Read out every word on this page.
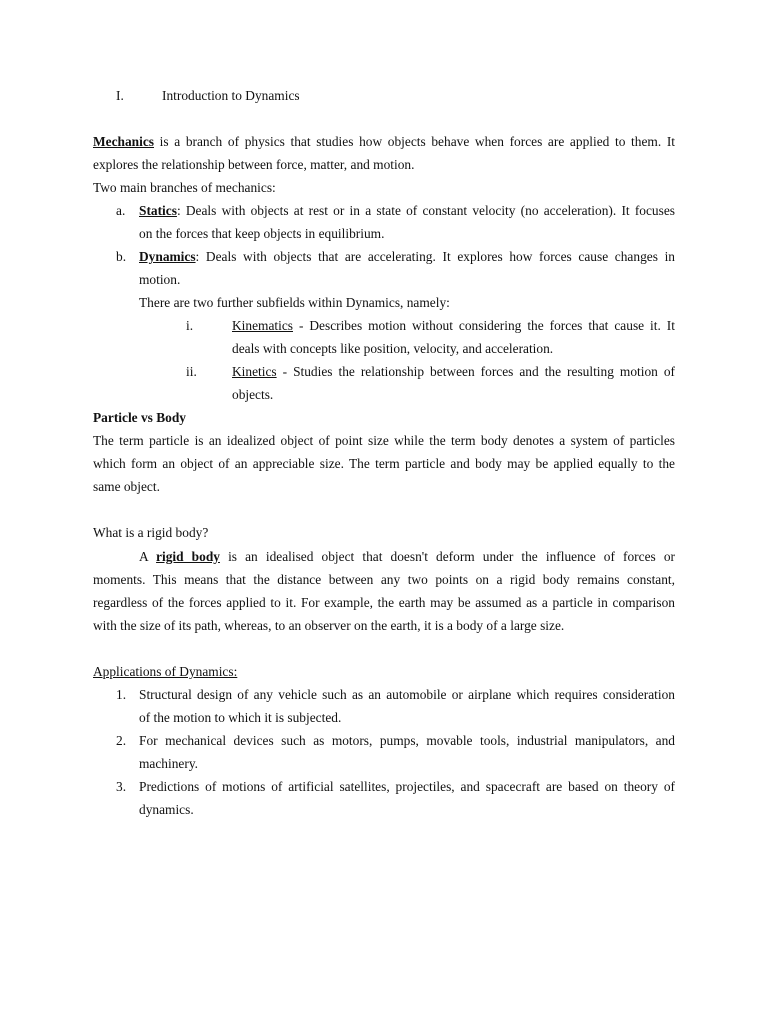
I.	Introduction to Dynamics
Mechanics is a branch of physics that studies how objects behave when forces are applied to them. It
explores the relationship between force, matter, and motion.
Two main branches of mechanics:
a. Statics: Deals with objects at rest or in a state of constant velocity (no acceleration). It focuses
on the forces that keep objects in equilibrium.
b. Dynamics: Deals with objects that are accelerating. It explores how forces cause changes in
motion.
There are two further subfields within Dynamics, namely:
i.	Kinematics - Describes motion without considering the forces that cause it. It
deals with concepts like position, velocity, and acceleration.
ii.	Kinetics - Studies the relationship between forces and the resulting motion of
objects.
Particle vs Body
The term particle is an idealized object of point size while the term body denotes a system of particles
which form an object of an appreciable size. The term particle and body may be applied equally to the
same object.
What is a rigid body?
A rigid body is an idealised object that doesn't deform under the influence of forces or
moments. This means that the distance between any two points on a rigid body remains constant,
regardless of the forces applied to it. For example, the earth may be assumed as a particle in comparison
with the size of its path, whereas, to an observer on the earth, it is a body of a large size.
Applications of Dynamics:
1. Structural design of any vehicle such as an automobile or airplane which requires consideration
of the motion to which it is subjected.
2. For mechanical devices such as motors, pumps, movable tools, industrial manipulators, and
machinery.
3. Predictions of motions of artificial satellites, projectiles, and spacecraft are based on theory of
dynamics.
